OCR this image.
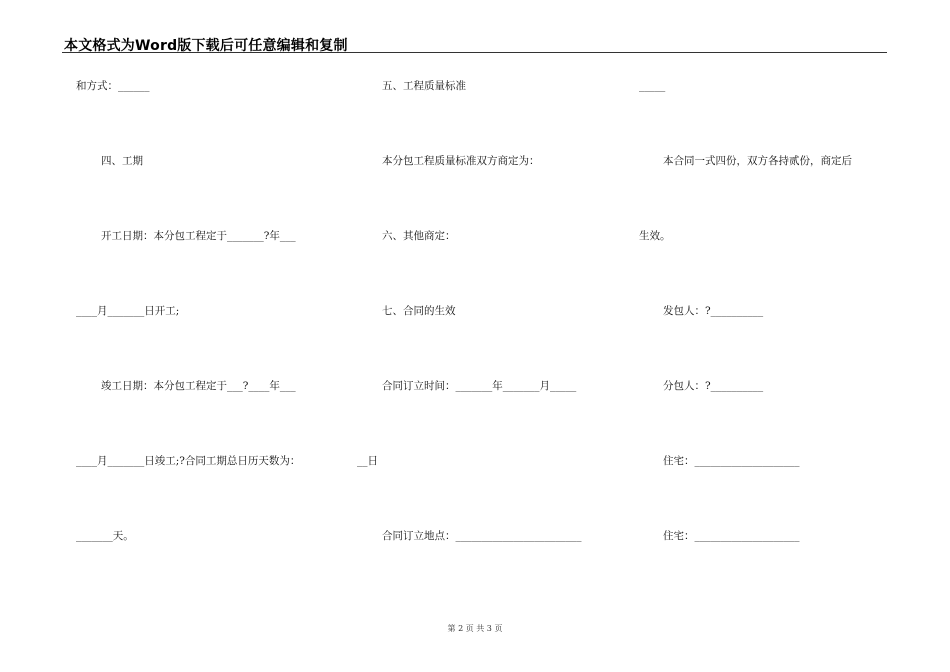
本文格式为Word版下载后可任意编辑和复制
和方式：______
四、工期
开工日期：本分包工程定于_______?年___
____月_______日开工;
竣工日期：本分包工程定于___?____年___
____月_______日竣工;?合同工期总日历天数为：	__日
_______天。
五、工程质量标准
本分包工程质量标准双方商定为：
六、其他商定：
七、合同的生效
合同订立时间：_______年_______月_____
合同订立地点：________________________
_____
本合同一式四份，双方各持贰份，商定后
生效。
发包人：?__________
分包人：?__________
住宅：____________________
住宅：____________________
第 2 页 共 3 页
